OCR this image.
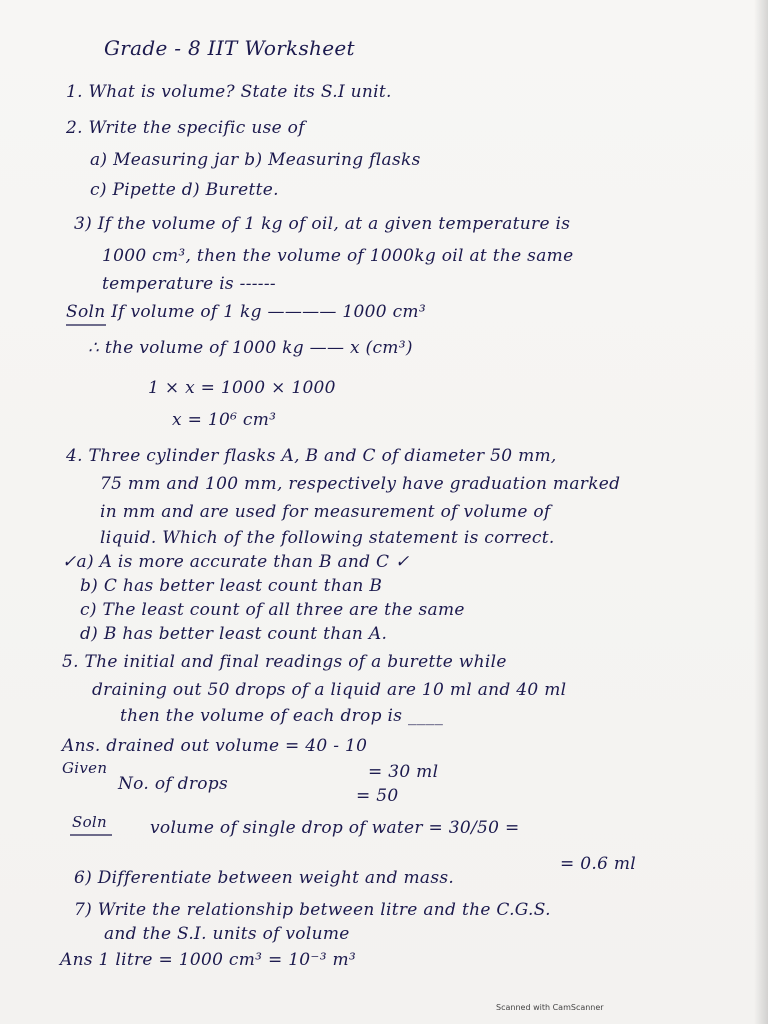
Grade - 8 IIT Worksheet
1. What is volume? State its S.I unit.
2. Write the specific use of
a) Measuring jar b) Measuring flasks
c) Pipette d) Burette.
3) If the volume of 1 kg of oil, at a given temperature is
1000 cm³, then the volume of 1000kg oil at the same
temperature is ------
Soln If volume of 1 kg ———— 1000 cm³
∴ the volume of 1000 kg —— x (cm³)
1 × x = 1000 × 1000
x = 10⁶ cm³
4. Three cylinder flasks A, B and C of diameter 50 mm,
75 mm and 100 mm, respectively have graduation marked
in mm and are used for measurement of volume of
liquid. Which of the following statement is correct.
✓a) A is more accurate than B and C ✓
b) C has better least count than B
c) The least count of all three are the same
d) B has better least count than A.
5. The initial and final readings of a burette while
draining out 50 drops of a liquid are 10 ml and 40 ml
then the volume of each drop is ____
Ans. drained out volume = 40 - 10
Given	= 30 ml
No. of drops
= 50
Soln	volume of single drop of water = 30/50 =
= 0.6 ml
6) Differentiate between weight and mass.
7) Write the relationship between litre and the C.G.S.
and the S.I. units of volume
Ans 1 litre = 1000 cm³ = 10⁻³ m³
Scanned with CamScanner
